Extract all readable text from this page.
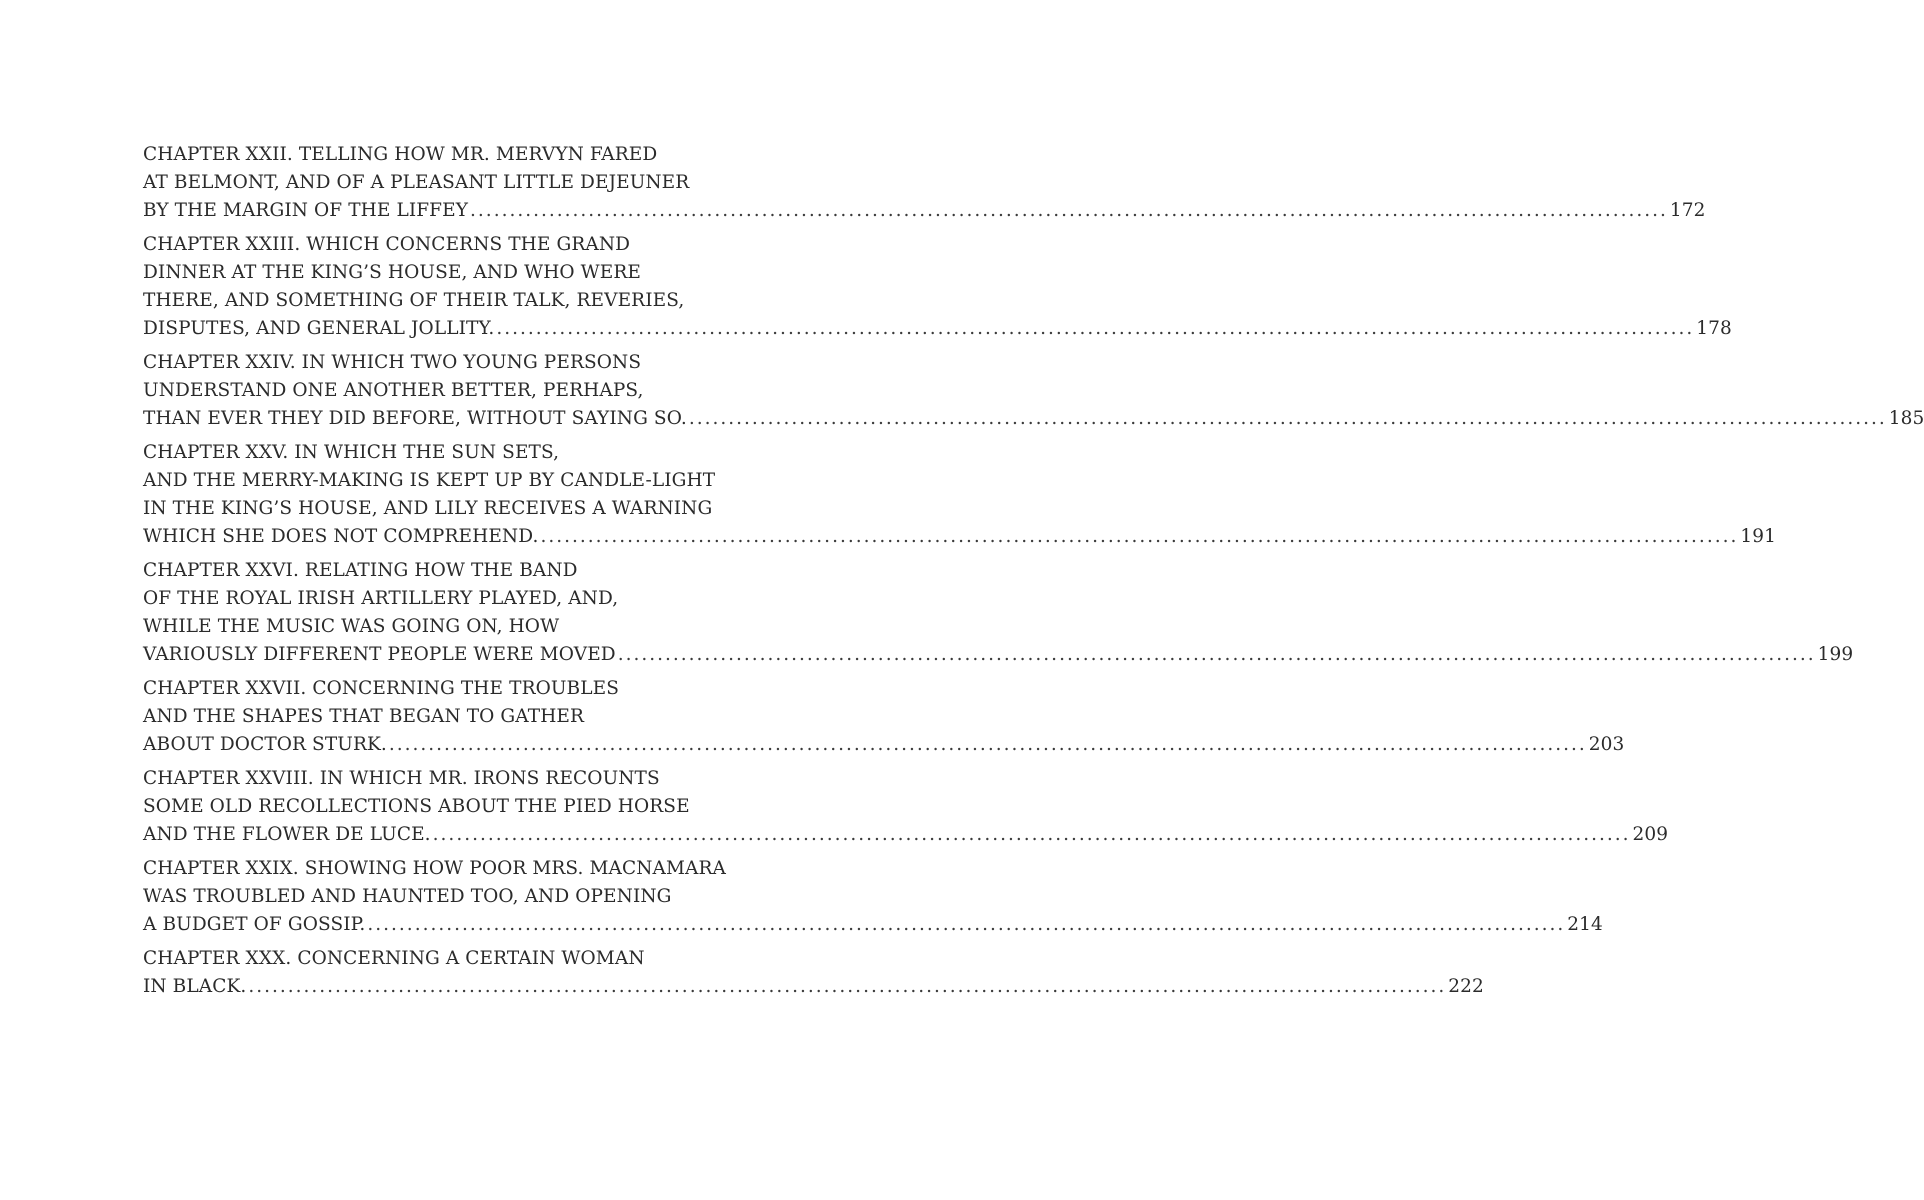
CHAPTER XXII. TELLING HOW MR. MERVYN FARED
AT BELMONT, AND OF A PLEASANT LITTLE DEJEUNER
BY THE MARGIN OF THE LIFFEY ........................................................................................................................................................ 172
CHAPTER XXIII. WHICH CONCERNS THE GRAND
DINNER AT THE KING’S HOUSE, AND WHO WERE
THERE, AND SOMETHING OF THEIR TALK, REVERIES,
DISPUTES, AND GENERAL JOLLITY. ........................................................................................................................................................ 178
CHAPTER XXIV. IN WHICH TWO YOUNG PERSONS
UNDERSTAND ONE ANOTHER BETTER, PERHAPS,
THAN EVER THEY DID BEFORE, WITHOUT SAYING SO. ........................................................................................................................................................ 185
CHAPTER XXV. IN WHICH THE SUN SETS,
AND THE MERRY-MAKING IS KEPT UP BY CANDLE-LIGHT
IN THE KING’S HOUSE, AND LILY RECEIVES A WARNING
WHICH SHE DOES NOT COMPREHEND. ........................................................................................................................................................ 191
CHAPTER XXVI. RELATING HOW THE BAND
OF THE ROYAL IRISH ARTILLERY PLAYED, AND,
WHILE THE MUSIC WAS GOING ON, HOW
VARIOUSLY DIFFERENT PEOPLE WERE MOVED ........................................................................................................................................................ 199
CHAPTER XXVII. CONCERNING THE TROUBLES
AND THE SHAPES THAT BEGAN TO GATHER
ABOUT DOCTOR STURK. ........................................................................................................................................................ 203
CHAPTER XXVIII. IN WHICH MR. IRONS RECOUNTS
SOME OLD RECOLLECTIONS ABOUT THE PIED HORSE
AND THE FLOWER DE LUCE. ........................................................................................................................................................ 209
CHAPTER XXIX. SHOWING HOW POOR MRS. MACNAMARA
WAS TROUBLED AND HAUNTED TOO, AND OPENING
A BUDGET OF GOSSIP. ........................................................................................................................................................ 214
CHAPTER XXX. CONCERNING A CERTAIN WOMAN
IN BLACK. ........................................................................................................................................................ 222
